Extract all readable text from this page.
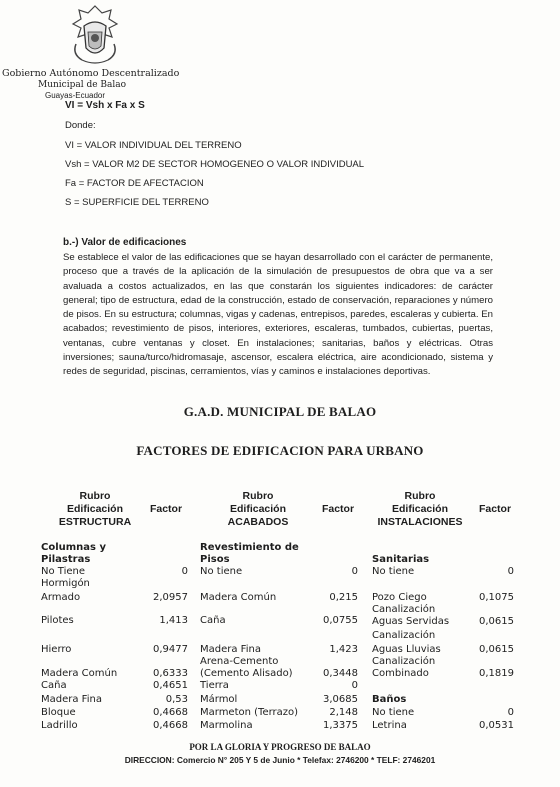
Gobierno Autónomo Descentralizado
Municipal de Balao
Guayas-Ecuador
VI = Vsh x Fa x S
Donde:
VI = VALOR INDIVIDUAL DEL TERRENO
Vsh = VALOR M2 DE SECTOR HOMOGENEO O VALOR INDIVIDUAL
Fa = FACTOR DE AFECTACION
S = SUPERFICIE DEL TERRENO
b.-) Valor de edificaciones

Se establece el valor de las edificaciones que se hayan desarrollado con el carácter de permanente, proceso que a través de la aplicación de la simulación de presupuestos de obra que va a ser avaluada a costos actualizados, en las que constarán los siguientes indicadores: de carácter general; tipo de estructura, edad de la construcción, estado de conservación, reparaciones y número de pisos. En su estructura; columnas, vigas y cadenas, entrepisos, paredes, escaleras y cubierta. En acabados; revestimiento de pisos, interiores, exteriores, escaleras, tumbados, cubiertas, puertas, ventanas, cubre ventanas y closet. En instalaciones; sanitarias, baños y eléctricas. Otras inversiones; sauna/turco/hidromasaje, ascensor, escalera eléctrica, aire acondicionado, sistema y redes de seguridad, piscinas, cerramientos, vías y caminos e instalaciones deportivas.

G.A.D. MUNICIPAL DE BALAO
FACTORES DE EDIFICACION PARA URBANO
Rubro
Edificación
ESTRUCTURA
Factor
Rubro
Edificación
ACABADOS
Factor
Rubro
Edificación
INSTALACIONES
Factor
Columnas y
Pilastras
No Tiene	0
Hormigón
Armado	2,0957
Pilotes	1,413
Hierro	0,9477
Madera Común	0,6333
Caña	0,4651
Madera Fina	0,53
Bloque	0,4668
Ladrillo	0,4668
Revestimiento de
Pisos
No tiene	0
Madera Común	0,215
Caña	0,0755
Madera Fina	1,423
Arena-Cemento
(Cemento Alisado)	0,3448
Tierra	0
Mármol	3,0685
Marmeton (Terrazo)	2,148
Marmolina	1,3375
Sanitarias
No tiene	0
Pozo Ciego	0,1075
Canalización
Aguas Servidas	0,0615
Canalización
Aguas Lluvias	0,0615
Canalización
Combinado	0,1819
Baños
No tiene	0
Letrina	0,0531
POR LA GLORIA Y PROGRESO DE BALAO
DIRECCION: Comercio N° 205 Y 5 de Junio * Telefax: 2746200 * TELF: 2746201
